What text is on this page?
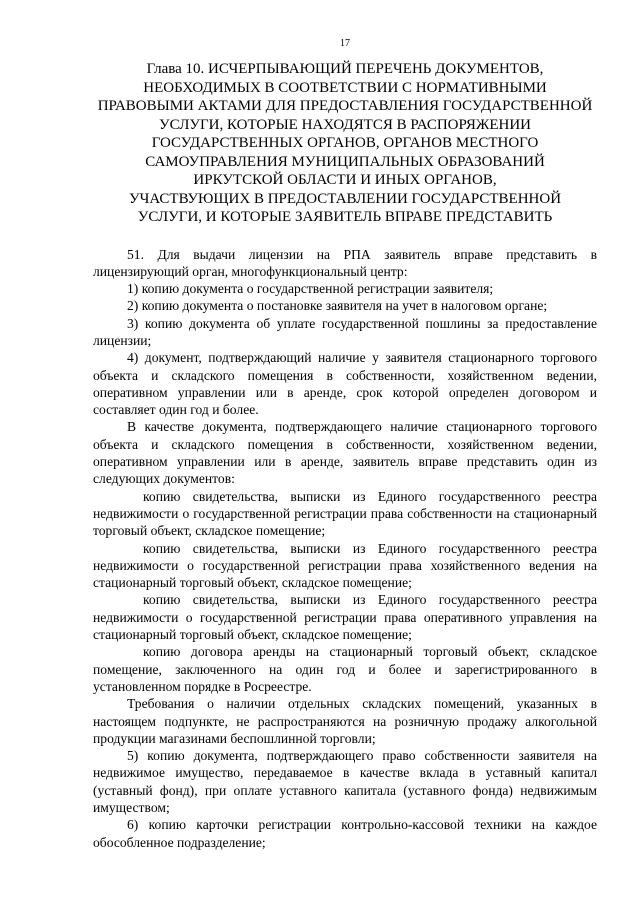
17
Глава 10. ИСЧЕРПЫВАЮЩИЙ ПЕРЕЧЕНЬ ДОКУМЕНТОВ,
НЕОБХОДИМЫХ В СООТВЕТСТВИИ С НОРМАТИВНЫМИ
ПРАВОВЫМИ АКТАМИ ДЛЯ ПРЕДОСТАВЛЕНИЯ ГОСУДАРСТВЕННОЙ
УСЛУГИ, КОТОРЫЕ НАХОДЯТСЯ В РАСПОРЯЖЕНИИ
ГОСУДАРСТВЕННЫХ ОРГАНОВ, ОРГАНОВ МЕСТНОГО
САМОУПРАВЛЕНИЯ МУНИЦИПАЛЬНЫХ ОБРАЗОВАНИЙ
ИРКУТСКОЙ ОБЛАСТИ И ИНЫХ ОРГАНОВ,
УЧАСТВУЮЩИХ В ПРЕДОСТАВЛЕНИИ ГОСУДАРСТВЕННОЙ
УСЛУГИ, И КОТОРЫЕ ЗАЯВИТЕЛЬ ВПРАВЕ ПРЕДСТАВИТЬ

51. Для выдачи лицензии на РПА заявитель вправе представить в лицензирующий орган, многофункциональный центр:

1) копию документа о государственной регистрации заявителя;

2) копию документа о постановке заявителя на учет в налоговом органе;

3) копию документа об уплате государственной пошлины за предоставление лицензии;

4) документ, подтверждающий наличие у заявителя стационарного торгового объекта и складского помещения в собственности, хозяйственном ведении, оперативном управлении или в аренде, срок которой определен договором и составляет один год и более.

В качестве документа, подтверждающего наличие стационарного торгового объекта и складского помещения в собственности, хозяйственном ведении, оперативном управлении или в аренде, заявитель вправе представить один из следующих документов:

копию свидетельства, выписки из Единого государственного реестра недвижимости о государственной регистрации права собственности на стационарный торговый объект, складское помещение;

копию свидетельства, выписки из Единого государственного реестра недвижимости о государственной регистрации права хозяйственного ведения на стационарный торговый объект, складское помещение;

копию свидетельства, выписки из Единого государственного реестра недвижимости о государственной регистрации права оперативного управления на стационарный торговый объект, складское помещение;

копию договора аренды на стационарный торговый объект, складское помещение, заключенного на один год и более и зарегистрированного в установленном порядке в Росреестре.

Требования о наличии отдельных складских помещений, указанных в настоящем подпункте, не распространяются на розничную продажу алкогольной продукции магазинами беспошлинной торговли;

5) копию документа, подтверждающего право собственности заявителя на недвижимое имущество, передаваемое в качестве вклада в уставный капитал (уставный фонд), при оплате уставного капитала (уставного фонда) недвижимым имуществом;

6) копию карточки регистрации контрольно-кассовой техники на каждое обособленное подразделение;
